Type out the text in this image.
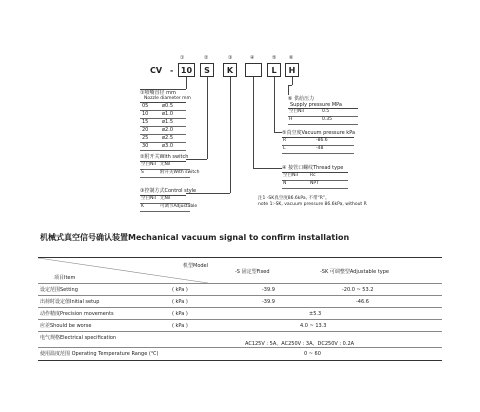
CV -
①
10
②
S
③
K
④	⑤
L
⑥
H
①喷嘴直径 mm
Nozzle diameter mm
05	ø0.5
10	ø1.0
15	ø1.5
20	ø2.0
25	ø2.5
30	ø3.0
②附开关With switch
空白Nil 无Nil
S	附开关With switch
③控制方式Control style
空白Nil 无Nil
K	可调节Adjustable
⑥ 供给压力
Supply pressure MPa
空白Nil	0.5
H	0.35
⑤真空度Vacuum pressure kPa
R	-86.6
L	-48
④ 接管口螺纹Thread type
空白Nil	Rc
N	NPT
注1 -SK真空度86.6kPa, 不带“R”。
note 1:-SK, vacuum pressure 86.6kPa, without R
机械式真空信号确认装置Mechanical vacuum signal to confirm installation
机型Model
项目Item
-S 固定型Fixed	-SK 可调整型Adjustable type
设定范围Setting	( kPa )	-39.9	-20.0 ~ 53.2
出荷时设定值Initial setup	( kPa )	-39.9	-46.6
动作精度Precision movements	( kPa )	±5.3
应差Should be worse	( kPa )	4.0 ~ 13.3
电气规格Electrical specification
AC125V : 5A、AC250V : 3A、DC250V : 0.2A
使用温度范围 Operating Temperature Range (℃)	0 ~ 60
